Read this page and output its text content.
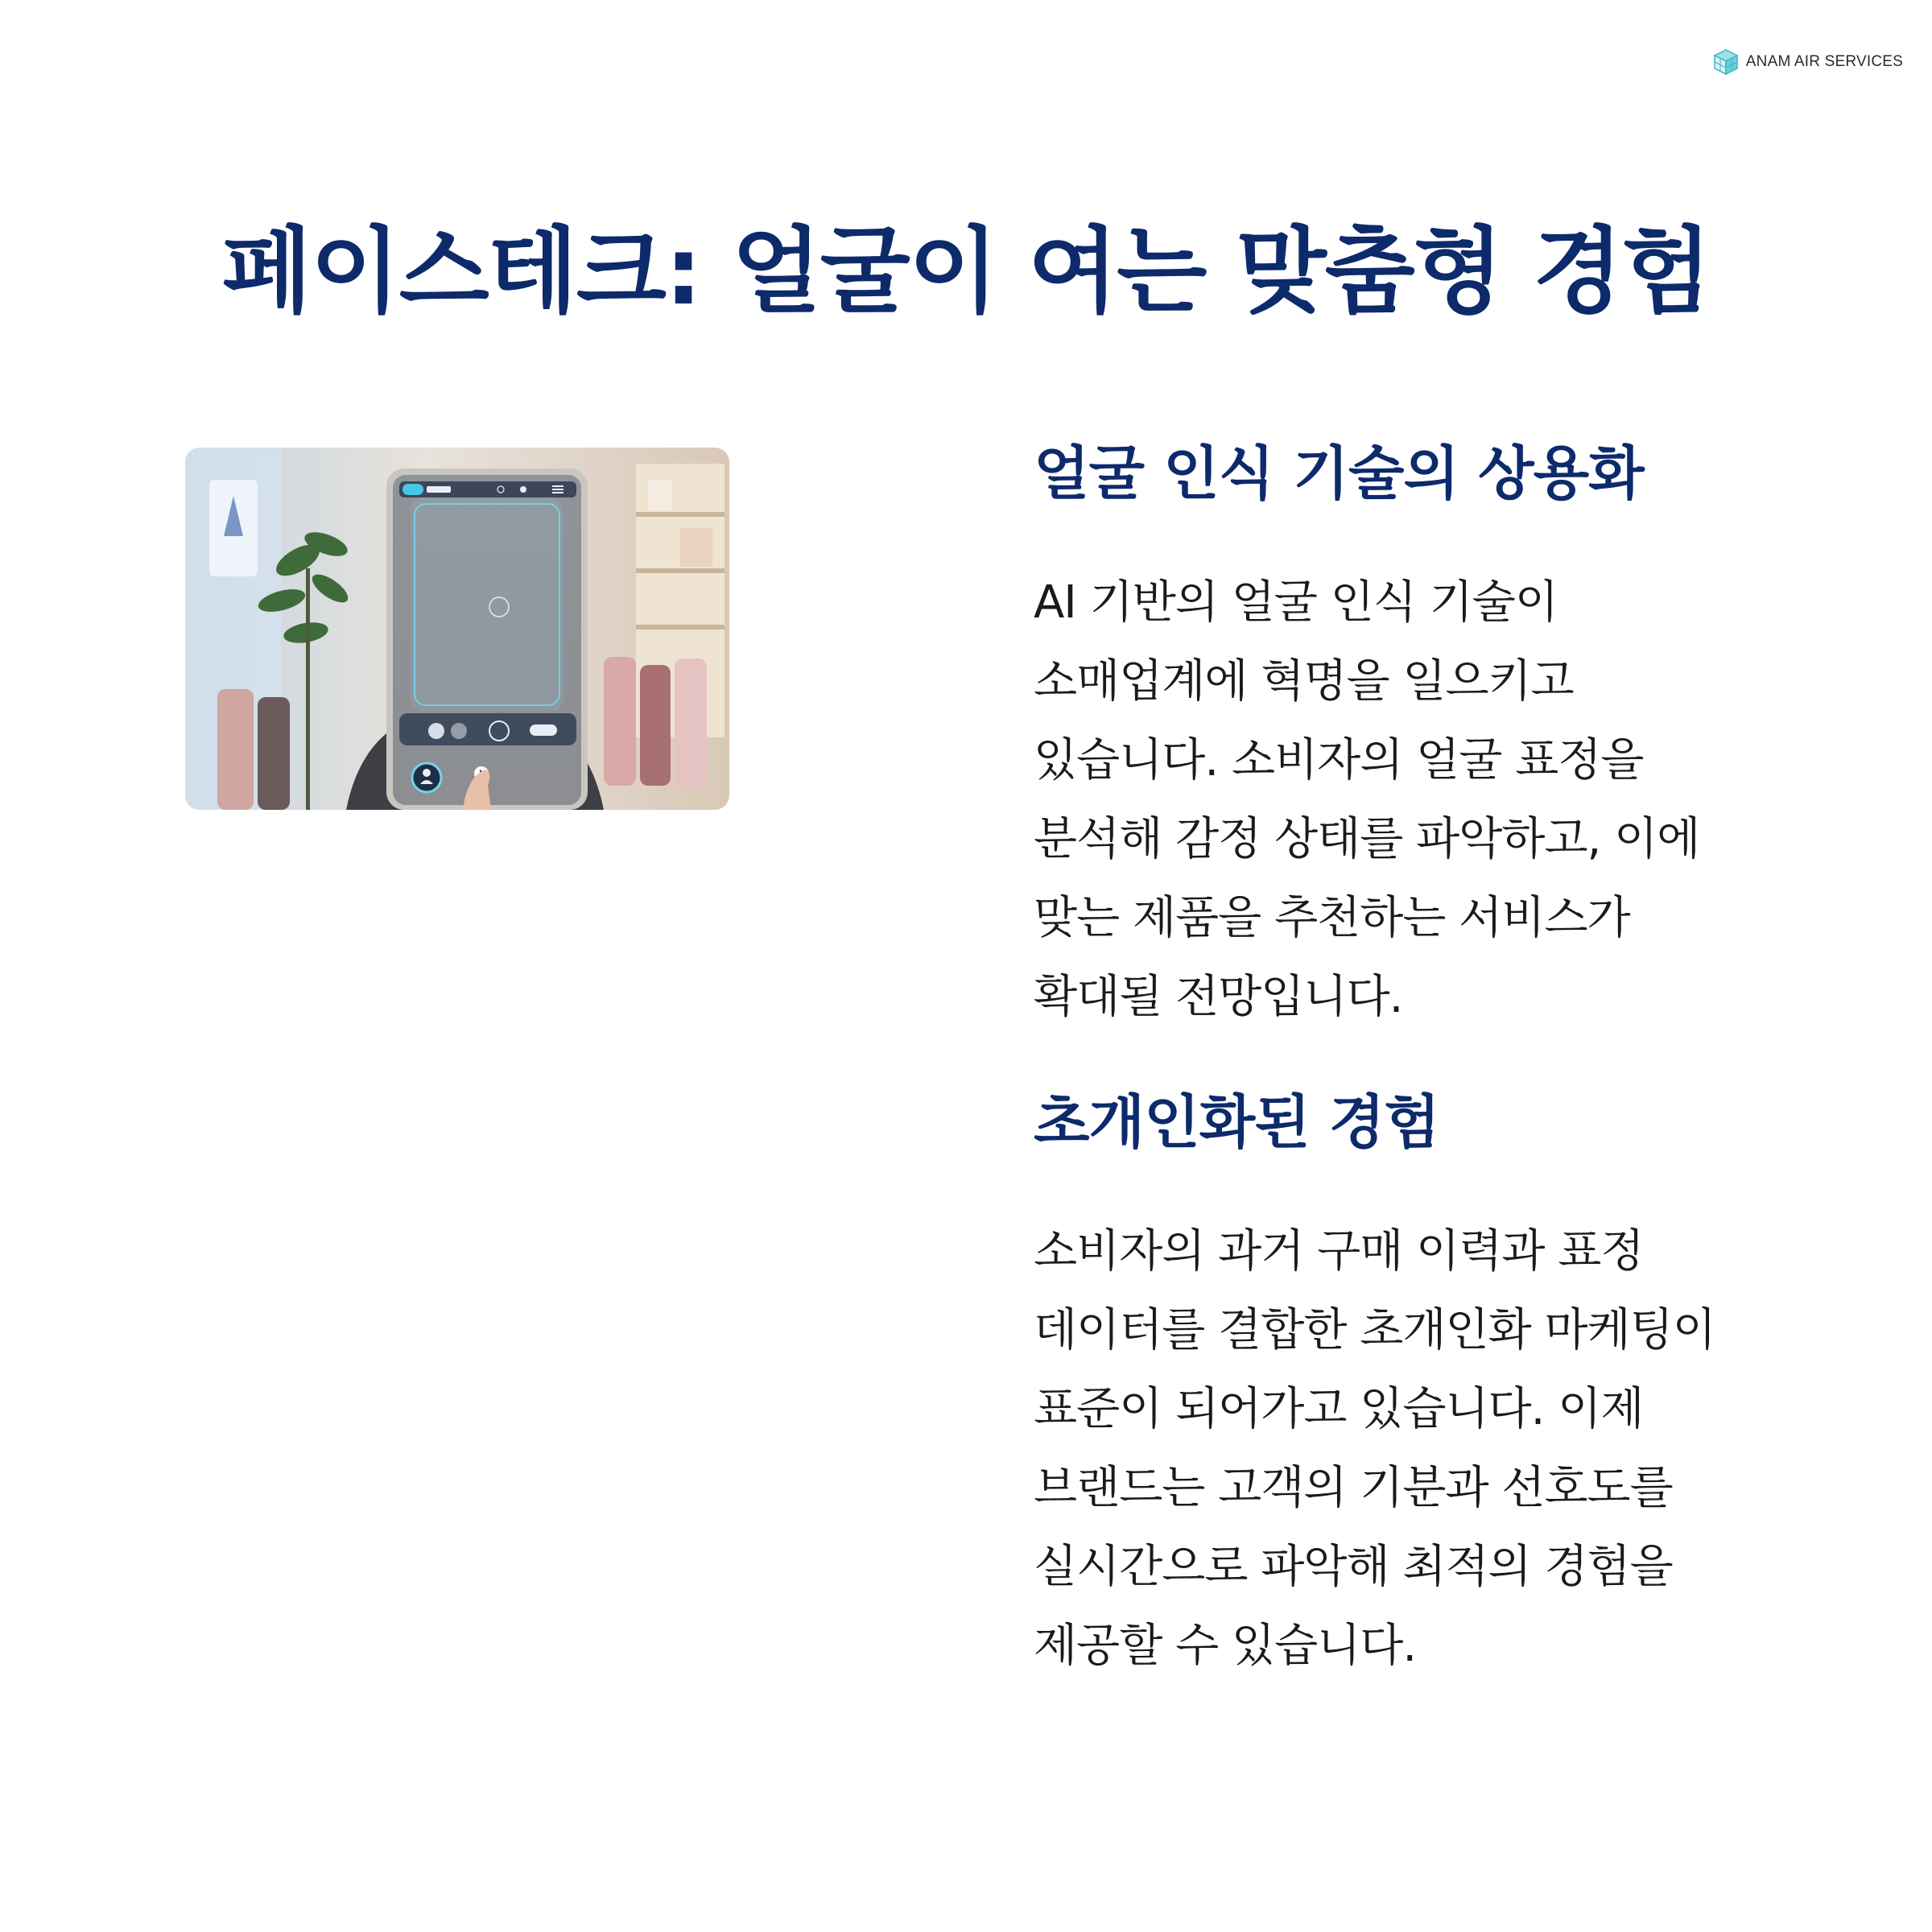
ANAM AIR SERVICES
페이스테크: 얼굴이 여는 맞춤형 경험
얼굴 인식 기술의 상용화

AI 기반의 얼굴 인식 기술이
소매업계에 혁명을 일으키고
있습니다. 소비자의 얼굴 표정을
분석해 감정 상태를 파악하고, 이에
맞는 제품을 추천하는 서비스가
확대될 전망입니다.

초개인화된 경험

소비자의 과거 구매 이력과 표정
데이터를 결합한 초개인화 마케팅이
표준이 되어가고 있습니다. 이제
브랜드는 고객의 기분과 선호도를
실시간으로 파악해 최적의 경험을
제공할 수 있습니다.
